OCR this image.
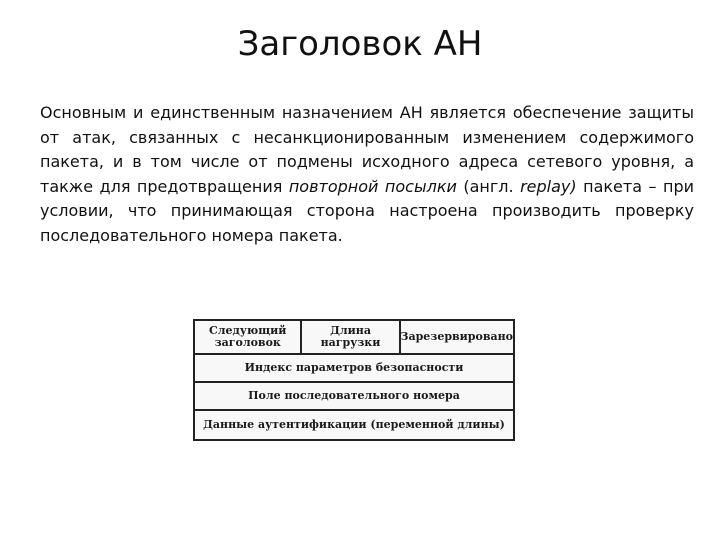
Заголовок AH
Основным и единственным назначением AH является обеспечение защиты от атак, связанных с несанкционированным изменением содержимого пакета, и в том числе от подмены исходного адреса сетевого уровня, а также для предотвращения повторной посылки (англ. replay) пакета – при условии, что принимающая сторона настроена производить проверку последовательного номера пакета.
Следующий заголовок
Длина нагрузки	Зарезервировано
Индекс параметров безопасности
Поле последовательного номера
Данные аутентификации (переменной длины)
